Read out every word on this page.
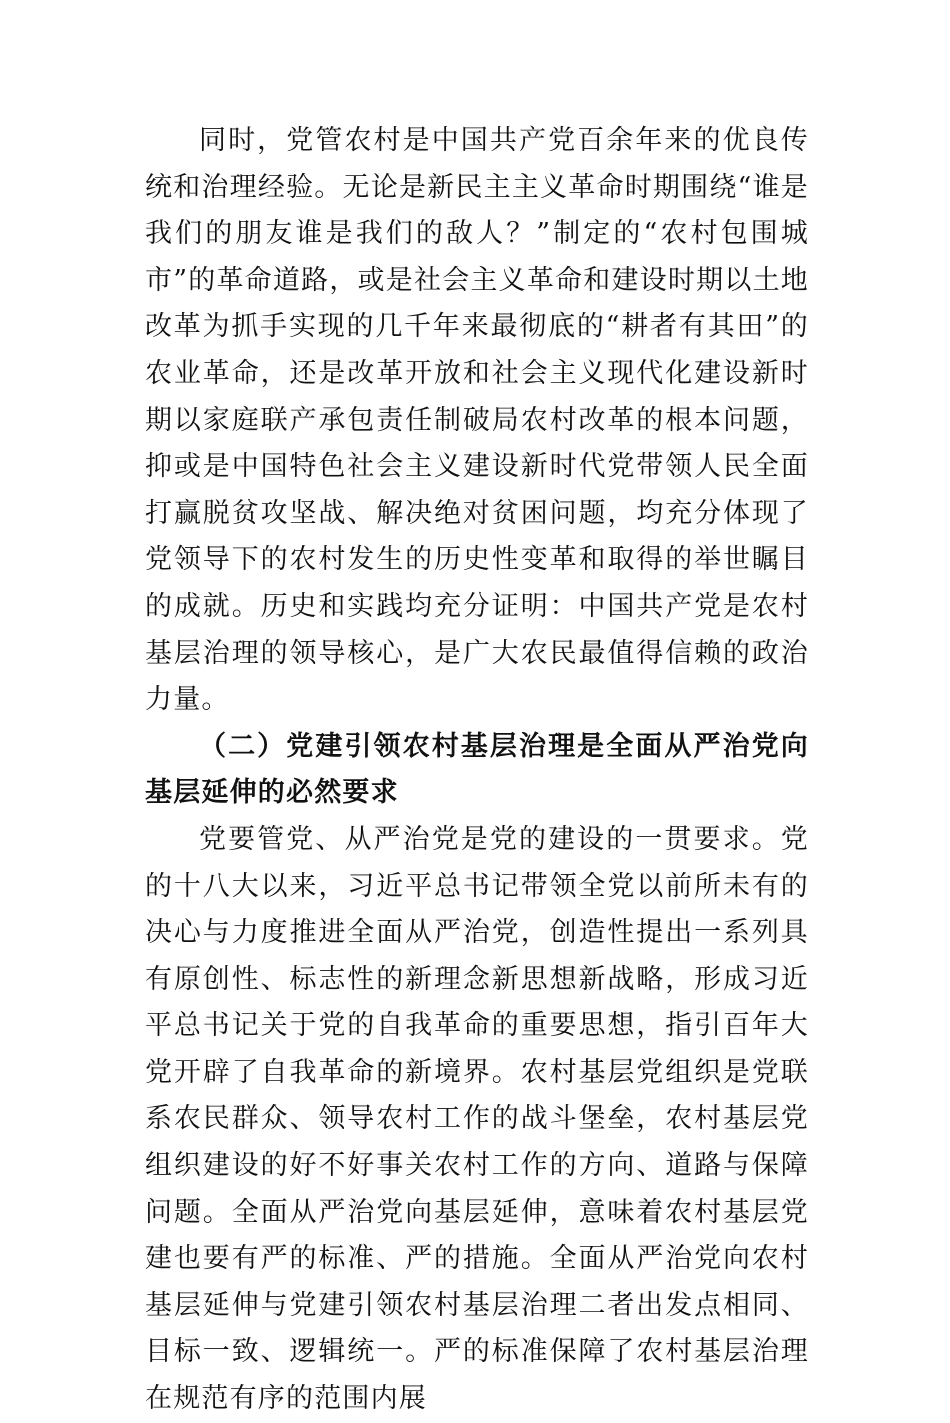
同时，党管农村是中国共产党百余年来的优良传统和治理经验。无论是新民主主义革命时期围绕“谁是我们的朋友谁是我们的敌人？”制定的“农村包围城市”的革命道路，或是社会主义革命和建设时期以土地改革为抓手实现的几千年来最彻底的“耕者有其田”的农业革命，还是改革开放和社会主义现代化建设新时期以家庭联产承包责任制破局农村改革的根本问题，抑或是中国特色社会主义建设新时代党带领人民全面打赢脱贫攻坚战、解决绝对贫困问题，均充分体现了党领导下的农村发生的历史性变革和取得的举世瞩目的成就。历史和实践均充分证明：中国共产党是农村基层治理的领导核心，是广大农民最值得信赖的政治力量。

（二）党建引领农村基层治理是全面从严治党向基层延伸的必然要求

党要管党、从严治党是党的建设的一贯要求。党的十八大以来，习近平总书记带领全党以前所未有的决心与力度推进全面从严治党，创造性提出一系列具有原创性、标志性的新理念新思想新战略，形成习近平总书记关于党的自我革命的重要思想，指引百年大党开辟了自我革命的新境界。农村基层党组织是党联系农民群众、领导农村工作的战斗堡垒，农村基层党组织建设的好不好事关农村工作的方向、道路与保障问题。全面从严治党向基层延伸，意味着农村基层党建也要有严的标准、严的措施。全面从严治党向农村基层延伸与党建引领农村基层治理二者出发点相同、目标一致、逻辑统一。严的标准保障了农村基层治理在规范有序的范围内展
